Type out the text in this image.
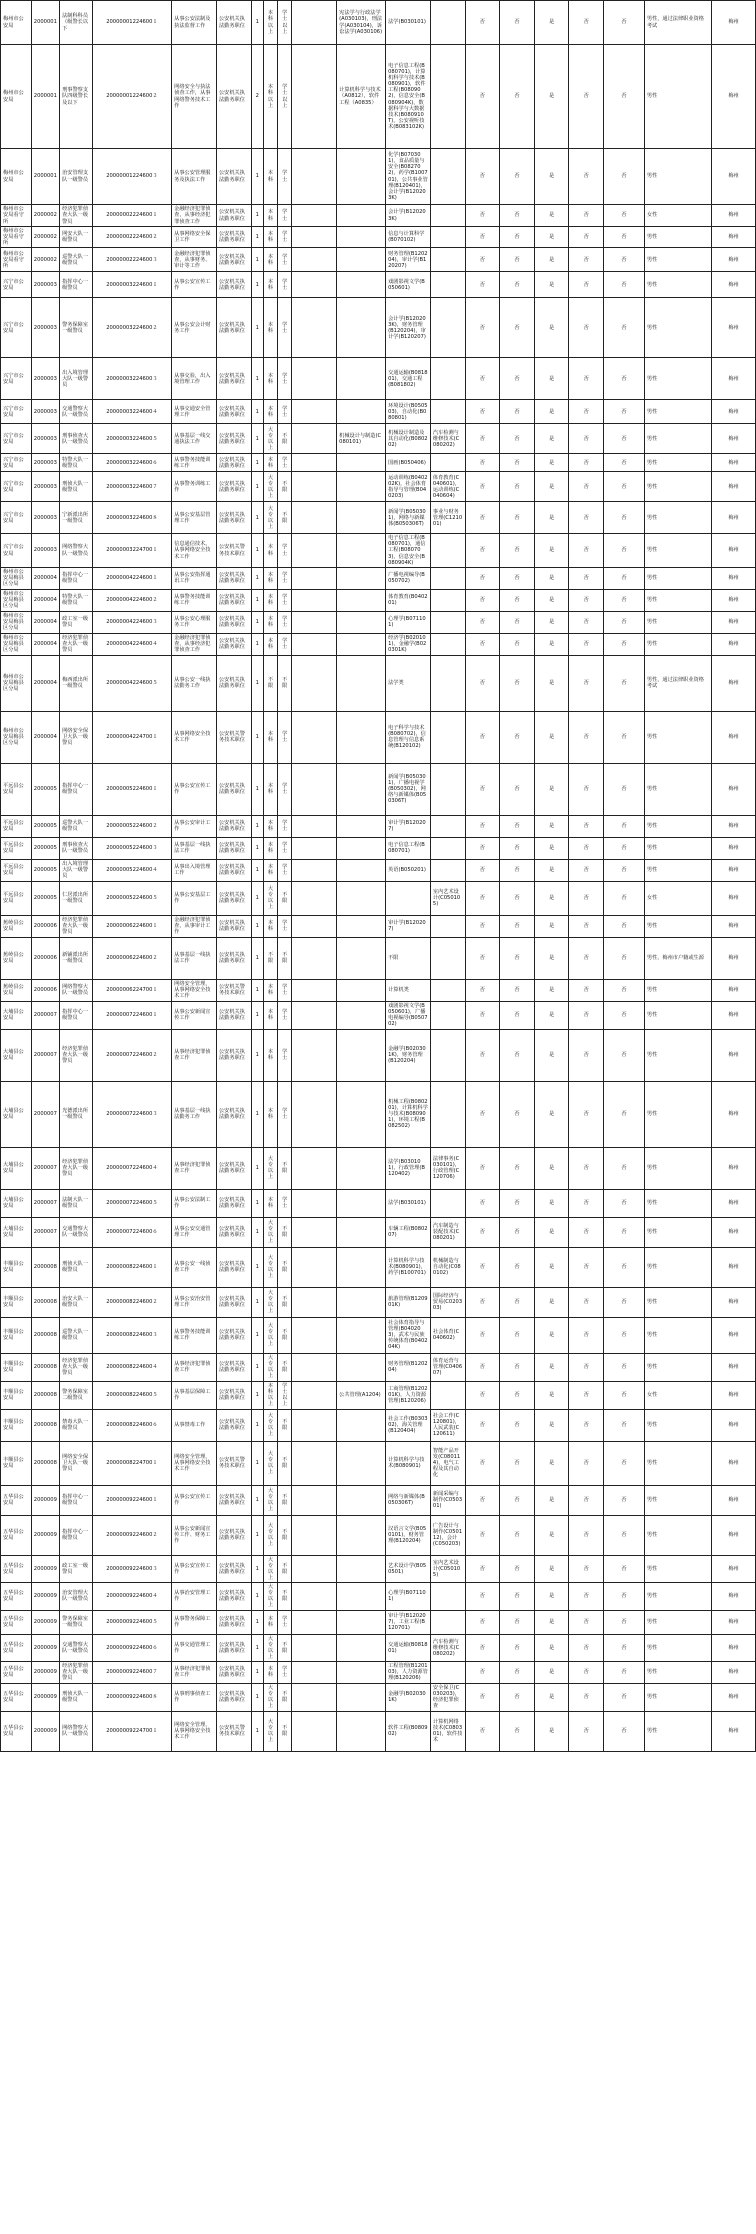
梅州市公安局	2000001	法制科科员（级警长以下	20000001224600１	从事公安法制及执法监督工作	公安机关执法勤务职位	1	本科以上	学士以上		宪法学与行政法学(A030103)，刑法学(A030104)，诉讼法学(A030106)	法学(B030101)		否	否	是	否	否	男性，通过法律职业资格考试	梅州
梅州市公安局	2000001	刑事警察支队四级警长及以下	20000001224600２	网络安全与执法侦查工作，从事网络警务技术工作	公安机关执法勤务职位	2	本科以上	学士以上		计算机科学与技术（A0812），软件工程（A0835）	电子信息工程(B080701)，计算机科学与技术(B080901)，软件工程(B080902)，信息安全(B080904K)，数据科学与大数据技术(B080910T)，公安视听技术(B083102K)		否	否	是	否	否	男性	梅州
梅州市公安局	2000001	治安管理支队一级警员	20000001224600３	从事公安管理服务及执法工作	公安机关执法勤务职位	1	本科	学士			化学(B070301)，食品质量与安全(B082702)，药学(B100701)，公共事业管理(B120401)，会计学(B120203K)		否	否	是	否	否	男性	梅州
梅州市公安局看守所	2000002	经济犯罪侦查大队一级警员	20000002224600１	金融经济犯罪侦查，从事经济犯罪侦查工作	公安机关执法勤务职位	1	本科	学士			会计学(B120203K)		否	否	是	否	否	女性	梅州
梅州市公安局看守所	2000002	网安大队一级警员	20000002224600２	从事网络安全保卫工作	公安机关执法勤务职位	1	本科	学士			信息与计算科学(B070102)		否	否	是	否	否	男性	梅州
梅州市公安局看守所	2000002	巡警大队一级警员	20000002224600３	金融经济犯罪侦查，从事财务、审计等工作	公安机关执法勤务职位	1	本科	学士			财务管理(B120204)，审计学(B120207)		否	否	是	否	否	男性	梅州
兴宁市公安局	2000003	指挥中心一级警员	20000003224600１	从事公安宣传工作	公安机关执法勤务职位	1	本科	学士			戏剧影视文学(B050601)		否	否	是	否	否	男性	梅州
兴宁市公安局	2000003	警务保障室一级警员	20000003224600２	从事公安会计财务工作	公安机关执法勤务职位	1	本科	学士			会计学(B120203K)，财务管理(B120204)，审计学(B120207)		否	否	是	否	否	男性	梅州
兴宁市公安局	2000003	出入境管理大队一级警员	20000003224600３	从事交验，出入境管理工作	公安机关执法勤务职位	1	本科	学士			交通运输(B081801)，交通工程(B081802)		否	否	是	否	否	男性	梅州
兴宁市公安局	2000003	交通警察大队一级警员	20000003224600４	从事交通安全管理工作	公安机关执法勤务职位	1	本科	学士			环境设计(B050503)，自动化(B080801)		否	否	是	否	否	男性	梅州
兴宁市公安局	2000003	刑事侦查大队一级警员	20000003224600５	从事基层一线交通执法工作	公安机关执法勤务职位	1	大专以上	不限		机械设计与制造(C080101)	机械设计制造及其自动化(B080202)	汽车检测与维修技术(C080202)	否	否	是	否	否	男性	梅州
兴宁市公安局	2000003	特警大队一级警员	20000003224600６	从事警务技能训练工作	公安机关执法勤务职位	1	本科	学士			国画(B050406)		否	否	是	否	否	男性	梅州
兴宁市公安局	2000003	刑侦大队一级警员	20000003224600７	从事警务训练工作	公安机关执法勤务职位	1	大专以上	不限			运动训练(B040202K)，社会体育指导与管理(B040203)	体育教育(C040601)，运动训练(C040604)	否	否	是	否	否	男性	梅州
兴宁市公安局	2000003	宁新派出所一级警员	20000003224600８	从事公安基层管理工作	公安机关执法勤务职位	1	大专以上	不限			新闻学(B050301)，网络与新媒体(B050306T)	事业与财务管理(C121001)	否	否	是	否	否	男性	梅州
兴宁市公安局	2000003	网络警察大队一级警员	20000003224700１	信息通信技术，从事网络安全技术工作	公安机关警务技术职位	1	本科	学士			电子信息工程(B080701)，通信工程(B080703)，信息安全(B080904K)		否	否	是	否	否	男性	梅州
梅州市公安局梅县区分局	2000004	指挥中心一级警员	20000004224600１	从事公安指挥通讯工作	公安机关执法勤务职位	1	本科	学士			广播电视编导(B050702)		否	否	是	否	否	男性	梅州
梅州市公安局梅县区分局	2000004	特警大队一级警员	20000004224600２	从事警务技能训练工作	公安机关执法勤务职位	1	本科	学士			体育教育(B040201)		否	否	是	否	否	男性	梅州
梅州市公安局梅县区分局	2000004	政工室一级警员	20000004224600３	从事公安心理服务工作	公安机关执法勤务职位	1	本科	学士			心理学(B071101)		否	否	是	否	否	男性	梅州
梅州市公安局梅县区分局	2000004	经济犯罪侦查大队一级警员	20000004224600４	金融经济犯罪侦查，从事经济犯罪侦查工作	公安机关执法勤务职位	1	本科	学士			经济学(B020101)，金融学(B020301K)		否	否	是	否	否	男性	梅州
梅州市公安局梅县区分局	2000004	梅西派出所一级警员	20000004224600５	从事公安一线执法勤务工作	公安机关执法勤务职位	1	不限	不限			法学类		否	否	是	否	否	男性，通过法律职业资格考试	梅州
梅州市公安局梅县区分局	2000004	网络安全保卫大队一级警员	20000004224700１	从事网络安全技术工作	公安机关警务技术职位	1	本科	学士			电子科学与技术(B080702)，信息管理与信息系统(B120102)		否	否	是	否	否	男性	梅州
平远县公安局	2000005	指挥中心一级警员	20000005224600１	从事公安宣传工作	公安机关执法勤务职位	1	本科	学士			新闻学(B050301)，广播电视学(B050302)，网络与新媒体(B050306T)		否	否	是	否	否	男性	梅州
平远县公安局	2000005	巡警大队一级警员	20000005224600２	从事公安审计工作	公安机关执法勤务职位	1	本科	学士			审计学(B120207)		否	否	是	否	否	男性	梅州
平远县公安局	2000005	刑事侦查大队一级警员	20000005224600３	从事基层一线执法工作	公安机关执法勤务职位	1	本科	学士			电子信息工程(B080701)		否	否	是	否	否	男性	梅州
平远县公安局	2000005	出入境管理大队一级警员	20000005224600４	从事出入境管理工作	公安机关执法勤务职位	1	本科	学士			英语(B050201)		否	否	是	否	否	男性	梅州
平远县公安局	2000005	仁居派出所一级警员	20000005224600５	从事公安基层工作	公安机关执法勤务职位	1	大专以上	不限				室内艺术设计(C050105)	否	否	是	否	否	女性	梅州
蕉岭县公安局	2000006	经济犯罪侦查大队一级警员	20000006224600１	金融经济犯罪侦查，从事审计工作	公安机关执法勤务职位	1	本科	学士			审计学(B120207)		否	否	是	否	否	男性	梅州
蕉岭县公安局	2000006	新铺派出所一级警员	20000006224600２	从事基层一线执法工作	公安机关执法勤务职位	1	不限	不限			不限		否	否	是	否	否	男性，梅州市户籍或生源	梅州
蕉岭县公安局	2000006	网络警察大队一级警员	20000006224700１	网络安全管理，从事网络安全技术工作	公安机关警务技术职位	1	本科	学士			计算机类		否	否	是	否	否	男性	梅州
大埔县公安局	2000007	指挥中心一级警员	20000007224600１	从事公安新闻宣传工作	公安机关执法勤务职位	1	本科	学士			戏剧影视文学(B050601)，广播电视编导(B050702)		否	否	是	否	否	男性	梅州
大埔县公安局	2000007	经济犯罪侦查大队一级警员	20000007224600２	从事经济犯罪侦查工作	公安机关执法勤务职位	1	本科	学士			金融学(B020301K)，财务管理(B120204)		否	否	是	否	否	男性	梅州
大埔县公安局	2000007	光德派出所一级警员	20000007224600３	从事基层一线执法勤务工作	公安机关执法勤务职位	1	本科	学士			机械工程(B080201)，计算机科学与技术(B080901)，环境工程(B082502)		否	否	是	否	否	男性	梅州
大埔县公安局	2000007	经济犯罪侦查大队一级警员	20000007224600４	从事经济犯罪侦查工作	公安机关执法勤务职位	1	大专以上	不限			法学(B030101)，行政管理(B120402)	法律事务(C030101)，行政管理(C120706)	否	否	是	否	否	男性	梅州
大埔县公安局	2000007	法制大队一级警员	20000007224600５	从事公安法制工作	公安机关执法勤务职位	1	本科	学士			法学(B030101)		否	否	是	否	否	男性	梅州
大埔县公安局	2000007	交通警察大队一级警员	20000007224600６	从事公安交通管理工作	公安机关执法勤务职位	1	大专以上	不限			车辆工程(B080207)	汽车制造与装配技术(C080201)	否	否	是	否	否	男性	梅州
丰顺县公安局	2000008	刑侦大队一级警员	20000008224600１	从事公安一线侦查工作	公安机关执法勤务职位	1	大专以上	不限			计算机科学与技术(B080901)，药学(B100701)	机械制造与自动化(C080102)	否	否	是	否	否	男性	梅州
丰顺县公安局	2000008	治安大队一级警员	20000008224600２	从事公安治安管理工作	公安机关执法勤务职位	1	大专以上	不限			旅游管理(B120901K)	国际经济与贸易(C020303)	否	否	是	否	否	男性	梅州
丰顺县公安局	2000008	巡警大队一级警员	20000008224600３	从事警务技能训练工作	公安机关执法勤务职位	1	大专以上	不限			社会体育指导与管理(B040203)，武术与民族传统体育(B040204K)	社会体育(C040602)	否	否	是	否	否	男性	梅州
丰顺县公安局	2000008	经济犯罪侦查大队一级警员	20000008224600４	从事经济犯罪侦查工作	公安机关执法勤务职位	1	大专以上	不限			财务管理(B120204)	体育运营与管理(C040607)	否	否	是	否	否	男性	梅州
丰顺县公安局	2000008	警务保障室二级警员	20000008224600５	从事基层保障工作	公安机关执法勤务职位	1	本科以上	学士以上		公共管理(A1204)	工商管理(B120201K)，人力资源管理(B120206)		否	否	是	否	否	女性	梅州
丰顺县公安局	2000008	禁毒大队一级警员	20000008224600６	从事禁毒工作	公安机关执法勤务职位	1	大专以上	不限			社会工作(B030302)，海关管理(B120404)	社会工作(C120801)，人民武装(C120611)	否	否	是	否	否	男性	梅州
丰顺县公安局	2000008	网络安全保卫大队一级警员	20000008224700１	网络安全管理，从事网络安全技术工作	公安机关警务技术职位	1	大专以上	不限			计算机科学与技术(B080901)	智能产品开发(C080114)，电气工程及其自动化	否	否	是	否	否	男性	梅州
五华县公安局	2000009	指挥中心一级警员	20000009224600１	从事公安宣传工作	公安机关执法勤务职位	1	大专以上	不限			网络与新媒体(B050306T)	新闻采编与制作(C050301)	否	否	是	否	否	男性	梅州
五华县公安局	2000009	指挥中心一级警员	20000009224600２	从事公安新闻宣传工作、财务工作	公安机关执法勤务职位	1	大专以上	不限			汉语言文学(B050101)，财务管理(B120204)	广告设计与制作(C050112)，会计(C050203)	否	否	是	否	否	男性	梅州
五华县公安局	2000009	政工室一级警员	20000009224600３	从事公安宣传工作	公安机关执法勤务职位	1	大专以上	不限			艺术设计学(B050501)	室内艺术设计(C050105)	否	否	是	否	否	男性	梅州
五华县公安局	2000009	治安管理大队一级警员	20000009224600４	从事治安管理工作	公安机关执法勤务职位	1	大专以上	不限			心理学(B071101)		否	否	是	否	否	男性	梅州
五华县公安局	2000009	警务保障室一级警员	20000009224600５	从事警务保障工作	公安机关执法勤务职位	1	本科	学士			审计学(B120207)，工业工程(B120701)		否	否	是	否	否	男性	梅州
五华县公安局	2000009	交通警察大队一级警员	20000009224600６	从事交通管理工作	公安机关执法勤务职位	1	大专以上	不限			交通运输(B081801)	汽车检测与维修技术(C080202)	否	否	是	否	否	男性	梅州
五华县公安局	2000009	经济犯罪侦查大队一级警员	20000009224600７	从事经济犯罪侦查工作	公安机关执法勤务职位	1	本科	学士			工程管理(B120103)，人力资源管理(B120206)		否	否	是	否	否	男性	梅州
五华县公安局	2000009	刑侦大队一级警员	20000009224600８	从事刑事侦查工作	公安机关执法勤务职位	1	大专以上	不限			金融学(B020301K)	安全保卫(C030203)，经济犯罪侦查	否	否	是	否	否	男性	梅州
五华县公安局	2000009	网络警察大队一级警员	20000009224700１	网络安全管理，从事网络安全技术工作	公安机关警务技术职位	1	大专以上	不限			软件工程(B080902)	计算机网络技术(C080301)，软件技术	否	否	是	否	否	男性	梅州
